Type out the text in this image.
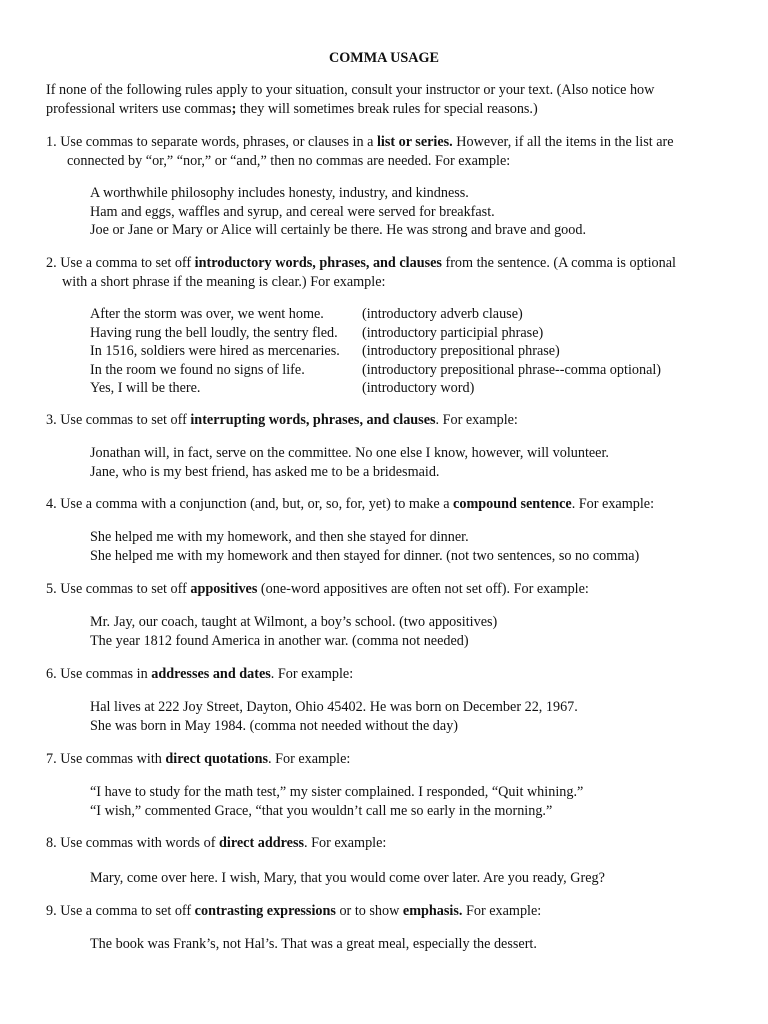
COMMA USAGE
If none of the following rules apply to your situation, consult your instructor or your text. (Also notice how
professional writers use commas; they will sometimes break rules for special reasons.)
1. Use commas to separate words, phrases, or clauses in a list or series. However, if all the items in the list are
connected by “or,” “nor,” or “and,” then no commas are needed. For example:
A worthwhile philosophy includes honesty, industry, and kindness.
Ham and eggs, waffles and syrup, and cereal were served for breakfast.
Joe or Jane or Mary or Alice will certainly be there. He was strong and brave and good.
2. Use a comma to set off introductory words, phrases, and clauses from the sentence. (A comma is optional
with a short phrase if the meaning is clear.) For example:
After the storm was over, we went home.	(introductory adverb clause)
Having rung the bell loudly, the sentry fled. (introductory participial phrase)
In 1516, soldiers were hired as mercenaries. (introductory prepositional phrase)
In the room we found no signs of life.	(introductory prepositional phrase--comma optional)
Yes, I will be there.	(introductory word)
3. Use commas to set off interrupting words, phrases, and clauses. For example:
Jonathan will, in fact, serve on the committee. No one else I know, however, will volunteer.
Jane, who is my best friend, has asked me to be a bridesmaid.
4. Use a comma with a conjunction (and, but, or, so, for, yet) to make a compound sentence. For example:
She helped me with my homework, and then she stayed for dinner.
She helped me with my homework and then stayed for dinner. (not two sentences, so no comma)
5. Use commas to set off appositives (one-word appositives are often not set off). For example:
Mr. Jay, our coach, taught at Wilmont, a boy’s school. (two appositives)
The year 1812 found America in another war. (comma not needed)
6. Use commas in addresses and dates. For example:
Hal lives at 222 Joy Street, Dayton, Ohio 45402. He was born on December 22, 1967.
She was born in May 1984. (comma not needed without the day)
7. Use commas with direct quotations. For example:
“I have to study for the math test,” my sister complained. I responded, “Quit whining.”
“I wish,” commented Grace, “that you wouldn’t call me so early in the morning.”
8. Use commas with words of direct address. For example:
Mary, come over here. I wish, Mary, that you would come over later. Are you ready, Greg?
9. Use a comma to set off contrasting expressions or to show emphasis. For example:
The book was Frank’s, not Hal’s. That was a great meal, especially the dessert.
